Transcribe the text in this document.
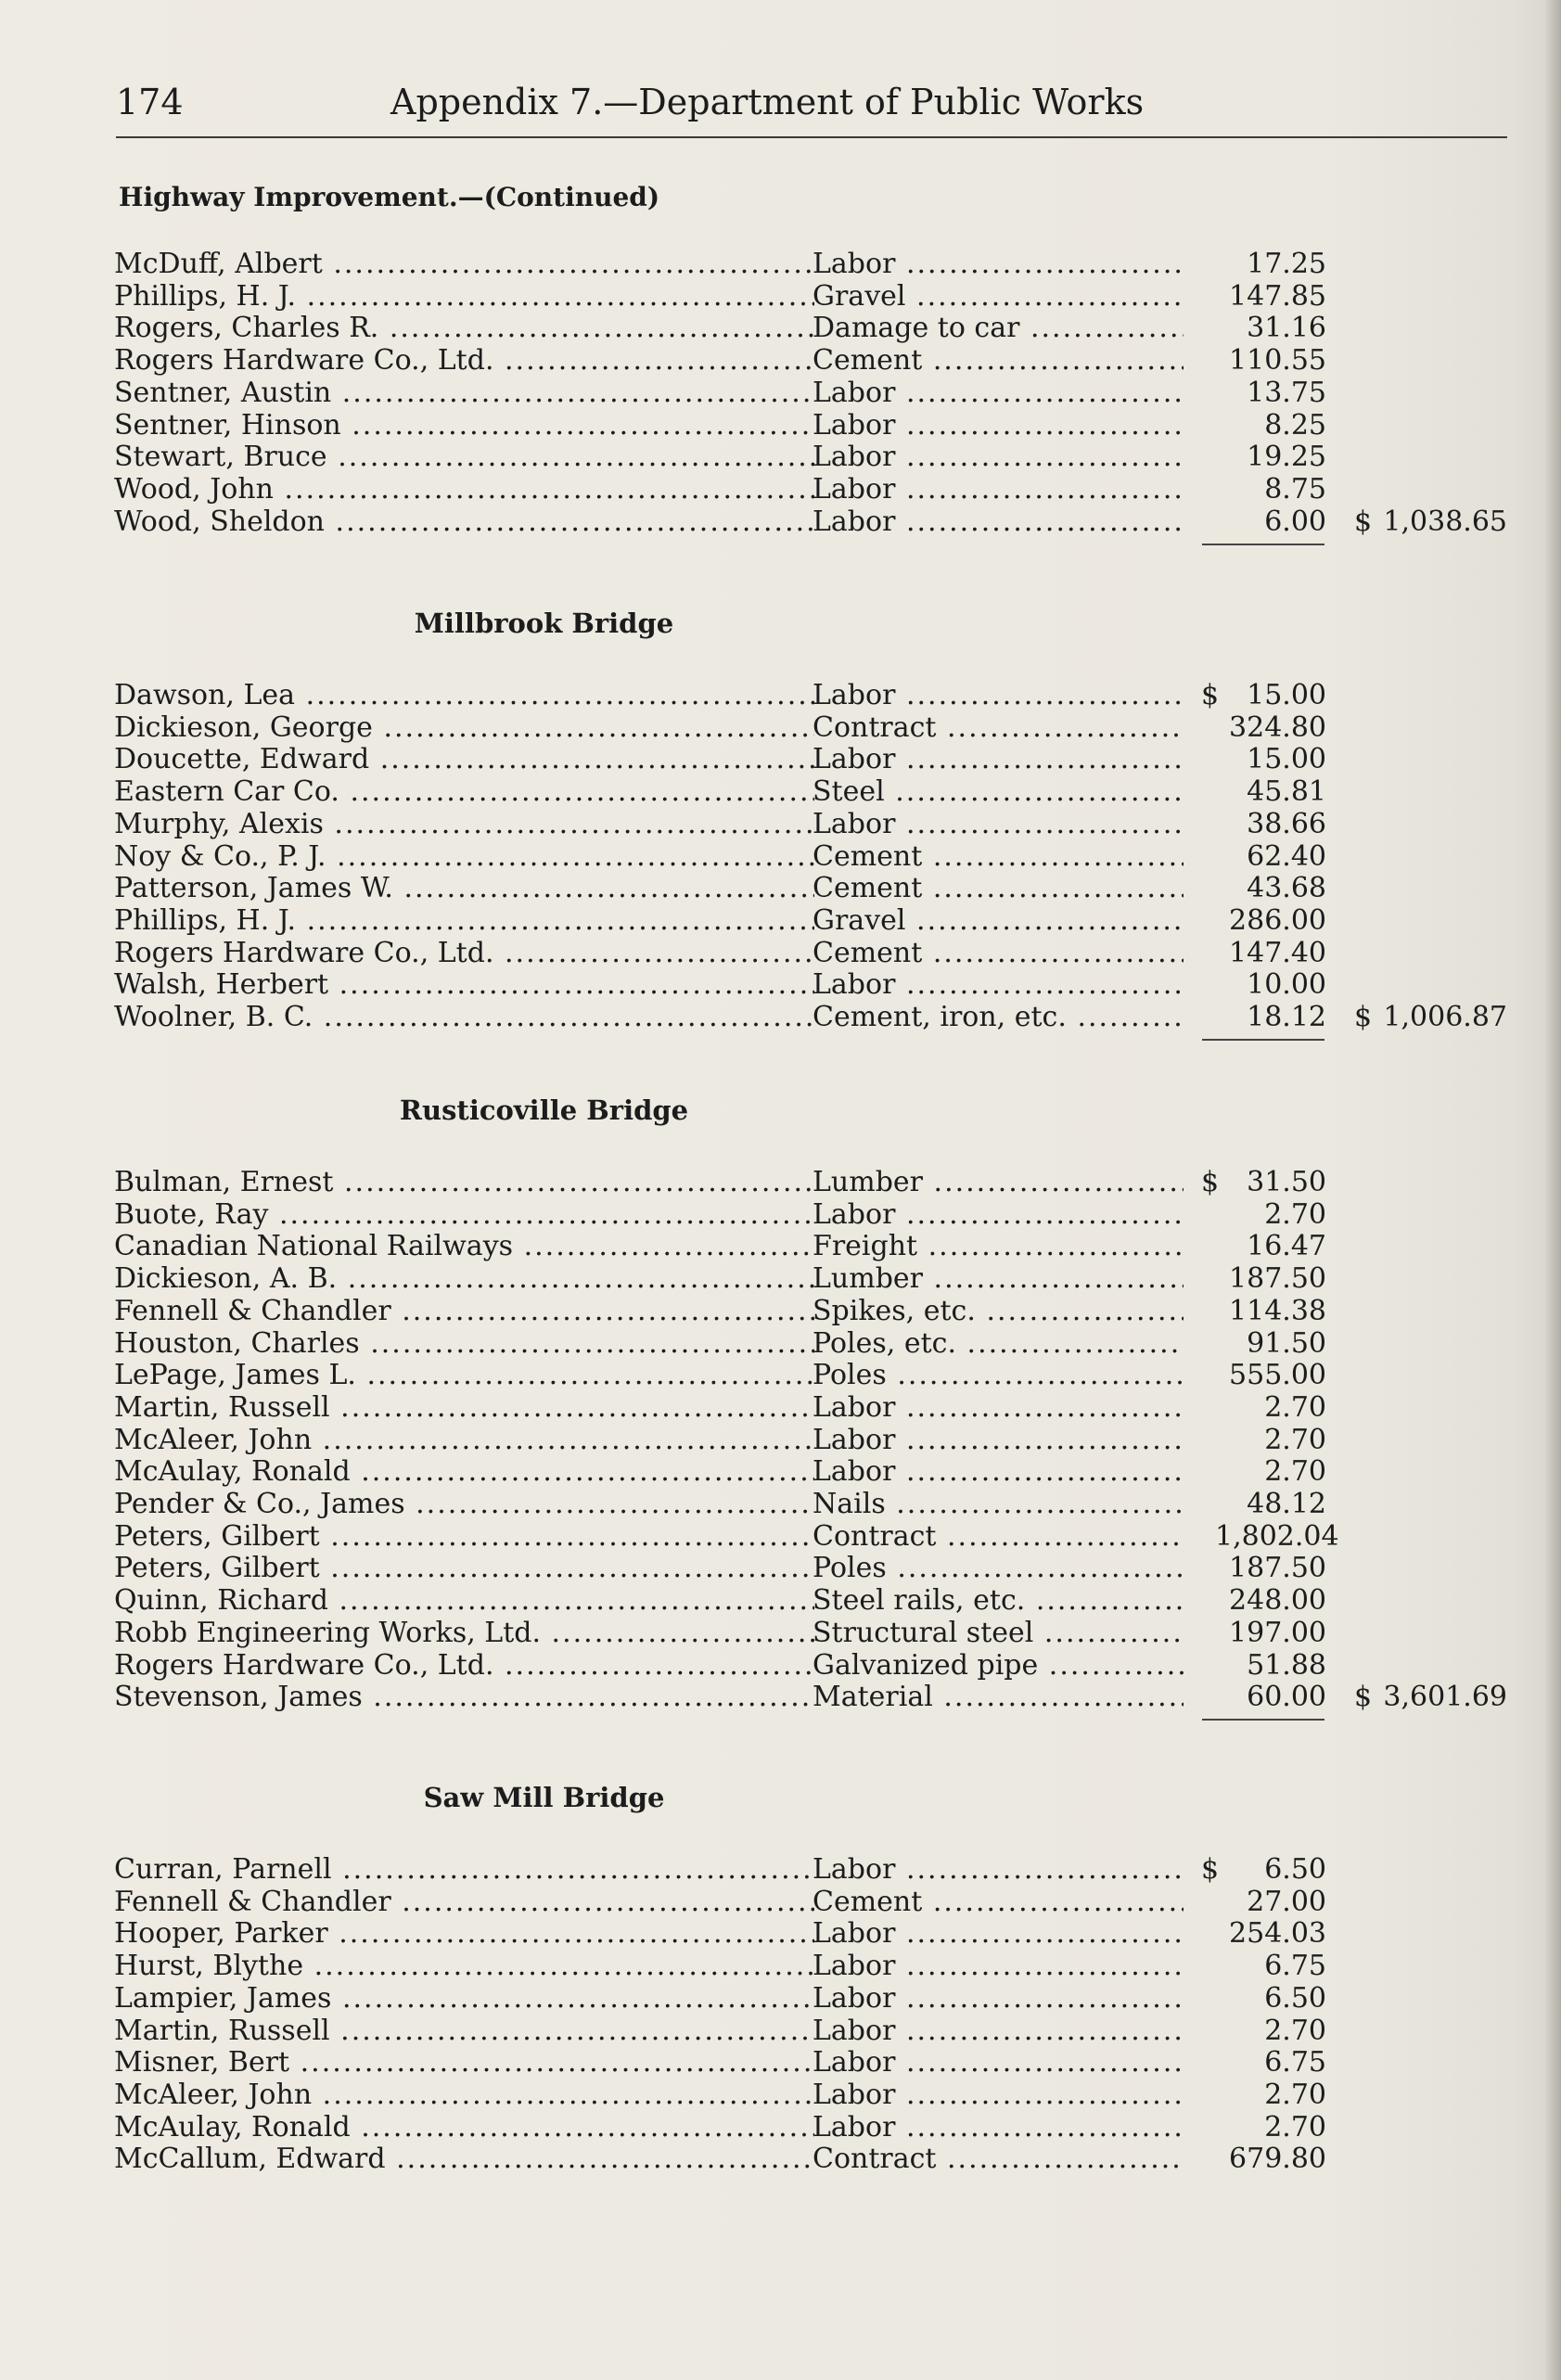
174	Appendix 7.—Department of Public Works
Highway Improvement.—(Continued)
McDuff, Albert .....	Labor .....	17.25
Phillips, H. J. .....	Gravel .....	147.85
Rogers, Charles R. .....	Damage to car .....	31.16
Rogers Hardware Co., Ltd. .....	Cement .....	110.55
Sentner, Austin .....	Labor .....	13.75
Sentner, Hinson .....	Labor .....	8.25
Stewart, Bruce .....	Labor .....	19.25
Wood, John .....	Labor .....	8.75
Wood, Sheldon .....	Labor .....	6.00 $ 1,038.65
Millbrook Bridge
Dawson, Lea .....	Labor .....	$	15.00
Dickieson, George .....	Contract .....	324.80
Doucette, Edward .....	Labor .....	15.00
Eastern Car Co. .....	Steel .....	45.81
Murphy, Alexis .....	Labor .....	38.66
Noy & Co., P. J. .....	Cement .....	62.40
Patterson, James W. .....	Cement .....	43.68
Phillips, H. J. .....	Gravel .....	286.00
Rogers Hardware Co., Ltd. .....	Cement .....	147.40
Walsh, Herbert .....	Labor .....	10.00
Woolner, B. C. .....	Cement, iron, etc. .....	18.12 $ 1,006.87
Rusticoville Bridge
Bulman, Ernest .....	Lumber .....	$	31.50
Buote, Ray .....	Labor .....	2.70
Canadian National Railways .....	Freight .....	16.47
Dickieson, A. B. .....	Lumber .....	187.50
Fennell & Chandler .....	Spikes, etc. .....	114.38
Houston, Charles .....	Poles, etc. .....	91.50
LePage, James L. .....	Poles .....	555.00
Martin, Russell .....	Labor .....	2.70
McAleer, John .....	Labor .....	2.70
McAulay, Ronald .....	Labor .....	2.70
Pender & Co., James .....	Nails .....	48.12
Peters, Gilbert .....	Contract .....	1,802.04
Peters, Gilbert .....	Poles .....	187.50
Quinn, Richard .....	Steel rails, etc. .....	248.00
Robb Engineering Works, Ltd. .....	Structural steel .....	197.00
Rogers Hardware Co., Ltd. .....	Galvanized pipe .....	51.88
Stevenson, James .....	Material .....	60.00 $ 3,601.69
Saw Mill Bridge
Curran, Parnell .....	Labor .....	$	6.50
Fennell & Chandler .....	Cement .....	27.00
Hooper, Parker .....	Labor .....	254.03
Hurst, Blythe .....	Labor .....	6.75
Lampier, James .....	Labor .....	6.50
Martin, Russell .....	Labor .....	2.70
Misner, Bert .....	Labor .....	6.75
McAleer, John .....	Labor .....	2.70
McAulay, Ronald .....	Labor .....	2.70
McCallum, Edward .....	Contract .....	679.80
